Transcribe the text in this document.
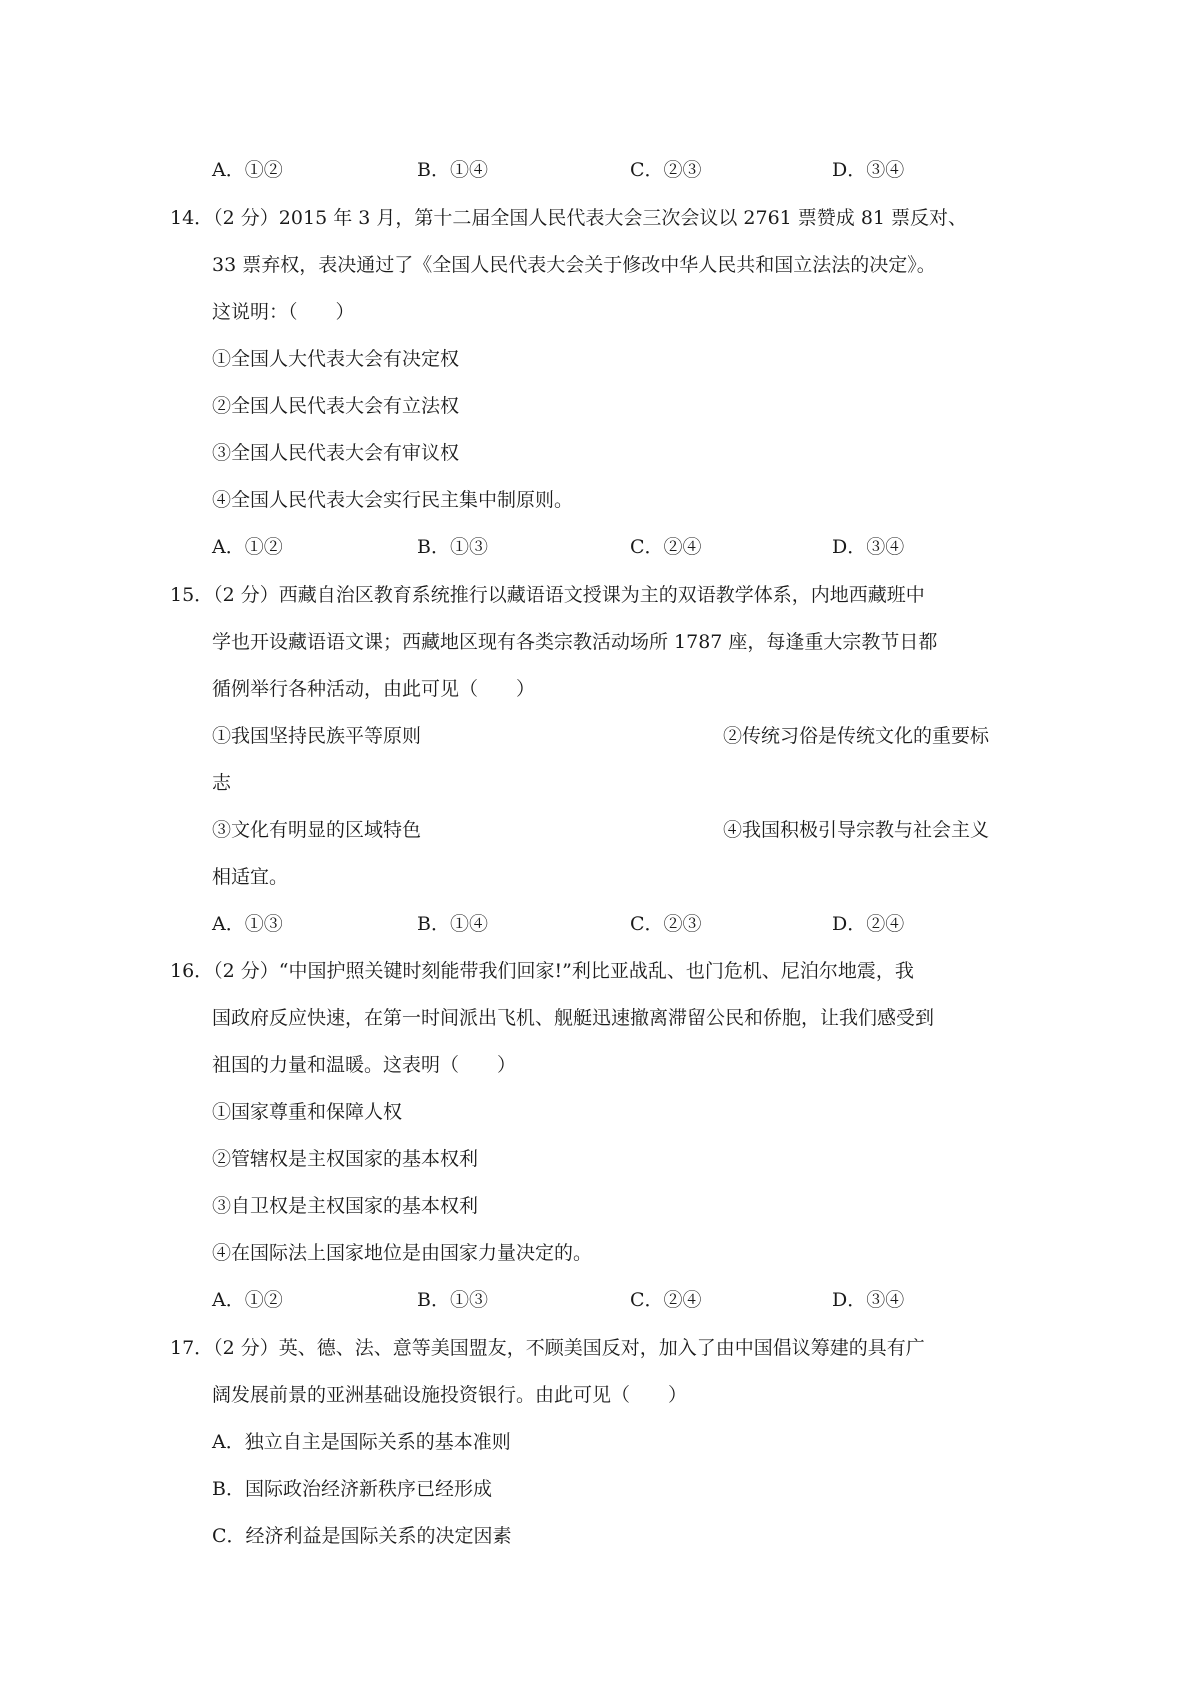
A．①②	B．①④	C．②③	D．③④
14．（2 分）2015 年 3 月，第十二届全国人民代表大会三次会议以 2761 票赞成 81 票反对、
33 票弃权，表决通过了《全国人民代表大会关于修改中华人民共和国立法法的决定》。
这说明：（　　）
①全国人大代表大会有决定权
②全国人民代表大会有立法权
③全国人民代表大会有审议权
④全国人民代表大会实行民主集中制原则。
A．①②	B．①③	C．②④	D．③④
15．（2 分）西藏自治区教育系统推行以藏语语文授课为主的双语教学体系，内地西藏班中
学也开设藏语语文课；西藏地区现有各类宗教活动场所 1787 座，每逢重大宗教节日都
循例举行各种活动，由此可见（　　）
①我国坚持民族平等原则	②传统习俗是传统文化的重要标
志
③文化有明显的区域特色	④我国积极引导宗教与社会主义
相适宜。
A．①③	B．①④	C．②③	D．②④
16．（2 分）“中国护照关键时刻能带我们回家!”利比亚战乱、也门危机、尼泊尔地震，我
国政府反应快速，在第一时间派出飞机、舰艇迅速撤离滞留公民和侨胞，让我们感受到
祖国的力量和温暖。这表明（　　）
①国家尊重和保障人权
②管辖权是主权国家的基本权利
③自卫权是主权国家的基本权利
④在国际法上国家地位是由国家力量决定的。
A．①②	B．①③	C．②④	D．③④
17．（2 分）英、德、法、意等美国盟友，不顾美国反对，加入了由中国倡议筹建的具有广
阔发展前景的亚洲基础设施投资银行。由此可见（　　）
A．独立自主是国际关系的基本准则
B．国际政治经济新秩序已经形成
C．经济利益是国际关系的决定因素
